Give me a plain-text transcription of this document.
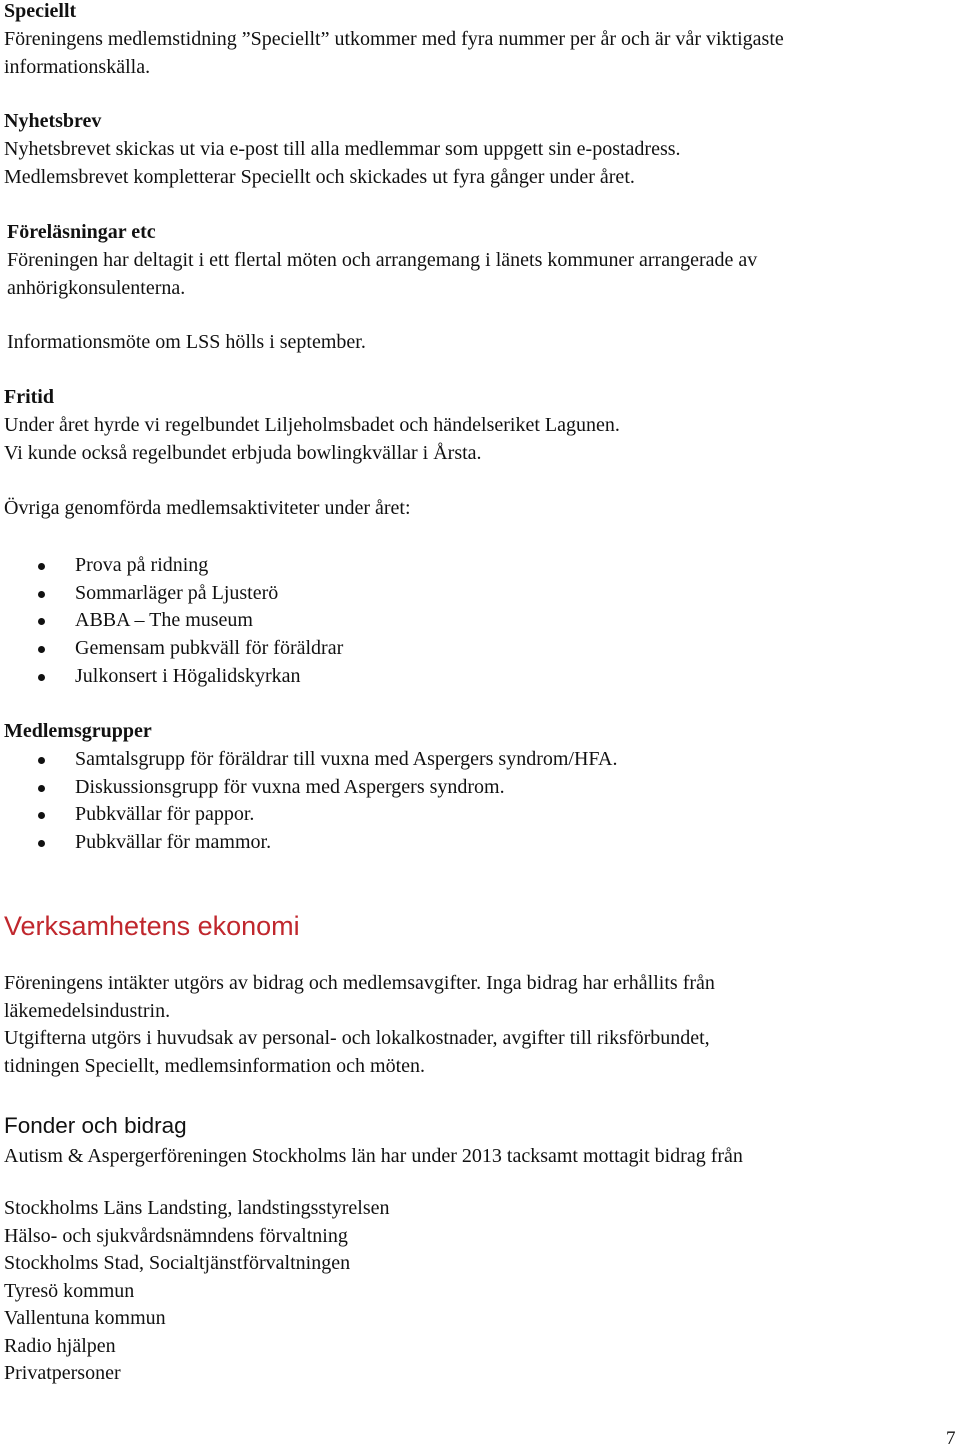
Speciellt

Föreningens medlemstidning ”Speciellt” utkommer med fyra nummer per år och är vår viktigaste

informationskälla.

Nyhetsbrev

Nyhetsbrevet skickas ut via e-post till alla medlemmar som uppgett sin e-postadress.

Medlemsbrevet kompletterar Speciellt och skickades ut fyra gånger under året.

Föreläsningar etc

Föreningen har deltagit i ett flertal möten och arrangemang i länets kommuner arrangerade av

anhörigkonsulenterna.

Informationsmöte om LSS hölls i september.

Fritid

Under året hyrde vi regelbundet Liljeholmsbadet och händelseriket Lagunen.

Vi kunde också regelbundet erbjuda bowlingkvällar i Årsta.

Övriga genomförda medlemsaktiviteter under året:

Prova på ridning
Sommarläger på Ljusterö
ABBA – The museum
Gemensam pubkväll för föräldrar
Julkonsert i Högalidskyrkan

Medlemsgrupper

Samtalsgrupp för föräldrar till vuxna med Aspergers syndrom/HFA.
Diskussionsgrupp för vuxna med Aspergers syndrom.
Pubkvällar för pappor.
Pubkvällar för mammor.

Verksamhetens ekonomi

Föreningens intäkter utgörs av bidrag och medlemsavgifter. Inga bidrag har erhållits från

läkemedelsindustrin.

Utgifterna utgörs i huvudsak av personal- och lokalkostnader, avgifter till riksförbundet,

tidningen Speciellt, medlemsinformation och möten.

Fonder och bidrag

Autism & Aspergerföreningen Stockholms län har under 2013 tacksamt mottagit bidrag från

Stockholms Läns Landsting, landstingsstyrelsen
Hälso- och sjukvårdsnämndens förvaltning
Stockholms Stad, Socialtjänstförvaltningen
Tyresö kommun
Vallentuna kommun
Radio hjälpen
Privatpersoner
7
